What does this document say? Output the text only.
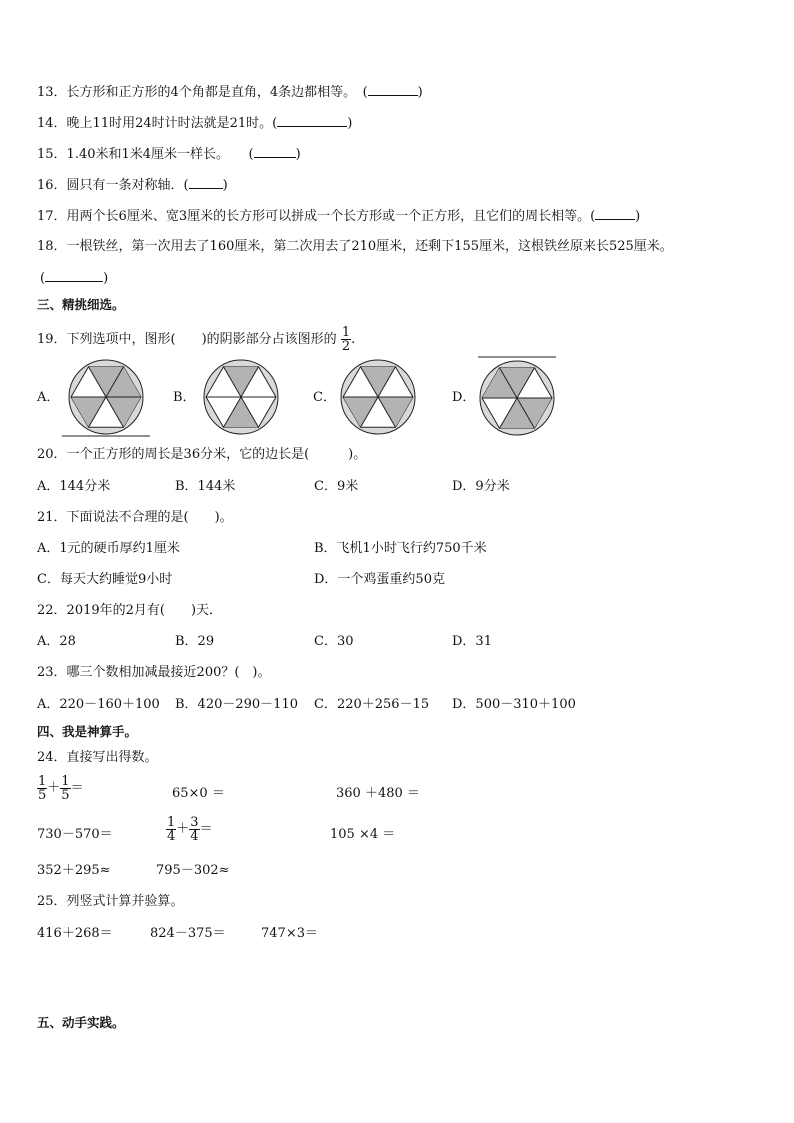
13．长方形和正方形的4个角都是直角，4条边都相等。　(	)
14．晚上11时用24时计时法就是21时。(	)
15．1.40米和1米4厘米一样长。　　(	)
16．圆只有一条对称轴．(	)
17．用两个长6厘米、宽3厘米的长方形可以拼成一个长方形或一个正方形，且它们的周长相等。(	)
18．一根铁丝，第一次用去了160厘米，第二次用去了210厘米，还剩下155厘米，这根铁丝原来长525厘米。
(	)
三、精挑细选。
19．下列选项中，图形(　　)的阴影部分占该图形的 $\frac{1}{2}$ .
A．	B．	C．	D．
20．一个正方形的周长是36分米，它的边长是(　　　)。
A．144分米	B．144米	C．9米	D．9分米
21．下面说法不合理的是(　　)。
A．1元的硬币厚约1厘米	B．飞机1小时飞行约750千米
C．每天大约睡觉9小时	D．一个鸡蛋重约50克
22．2019年的2月有(　　)天．
A．28	B．29	C．30	D．31
23．哪三个数相加减最接近200？(　)。
A．220－160＋100 B．420－290－110 C．220＋256－15 D．500－310＋100
四、我是神算手。
24．直接写出得数。
$\frac{1}{5} + \frac{1}{5}$ ＝	65×0 ＝	360 ＋480 ＝
730－570＝	$\frac{1}{4} + \frac{3}{4}$ ＝	105 ×4 ＝
352＋295≈	795－302≈
25．列竖式计算并验算。
416＋268＝	824－375＝	747×3＝
五、动手实践。
